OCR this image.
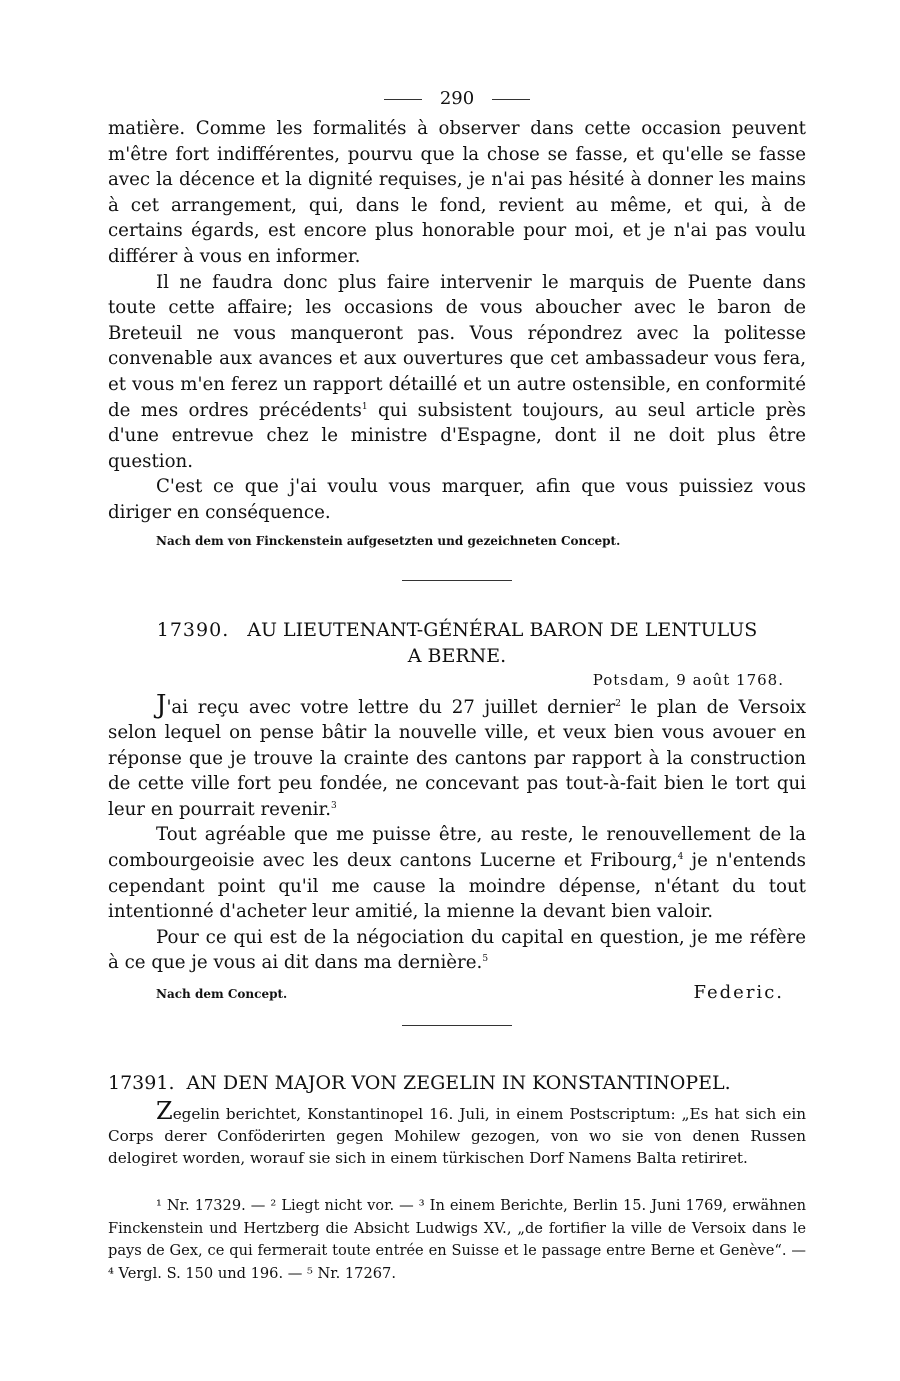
290

matière. Comme les formalités à observer dans cette occasion peuvent m'être fort indifférentes, pourvu que la chose se fasse, et qu'elle se fasse avec la décence et la dignité requises, je n'ai pas hésité à donner les mains à cet arrangement, qui, dans le fond, revient au même, et qui, à de certains égards, est encore plus honorable pour moi, et je n'ai pas voulu différer à vous en informer.

Il ne faudra donc plus faire intervenir le marquis de Puente dans toute cette affaire; les occasions de vous aboucher avec le baron de Breteuil ne vous manqueront pas. Vous répondrez avec la politesse convenable aux avances et aux ouvertures que cet ambassadeur vous fera, et vous m'en ferez un rapport détaillé et un autre ostensible, en conformité de mes ordres précédents$^1$ qui subsistent toujours, au seul article près d'une entrevue chez le ministre d'Espagne, dont il ne doit plus être question.

C'est ce que j'ai voulu vous marquer, afin que vous puissiez vous diriger en conséquence.

Nach dem von Finckenstein aufgesetzten und gezeichneten Concept.

17390. AU LIEUTENANT-GÉNÉRAL BARON DE LENTULUS
A BERNE.
Potsdam, 9 août 1768.

J'ai reçu avec votre lettre du 27 juillet dernier$^2$ le plan de Versoix selon lequel on pense bâtir la nouvelle ville, et veux bien vous avouer en réponse que je trouve la crainte des cantons par rapport à la construction de cette ville fort peu fondée, ne concevant pas tout-à-fait bien le tort qui leur en pourrait revenir.$^3$

Tout agréable que me puisse être, au reste, le renouvellement de la combourgeoisie avec les deux cantons Lucerne et Fribourg,$^4$ je n'entends cependant point qu'il me cause la moindre dépense, n'étant du tout intentionné d'acheter leur amitié, la mienne la devant bien valoir.

Pour ce qui est de la négociation du capital en question, je me réfère à ce que je vous ai dit dans ma dernière.$^5$

Nach dem Concept.	Federic.
17391. AN DEN MAJOR VON ZEGELIN IN KONSTANTINOPEL.

Zegelin berichtet, Konstantinopel 16. Juli, in einem Postscriptum: „Es hat sich ein Corps derer Conföderirten gegen Mohilew gezogen, von wo sie von denen Russen delogiret worden, worauf sie sich in einem türkischen Dorf Namens Balta retiriret.

¹ Nr. 17329. — ² Liegt nicht vor. — ³ In einem Berichte, Berlin 15. Juni 1769, erwähnen Finckenstein und Hertzberg die Absicht Ludwigs XV., „de fortifier la ville de Versoix dans le pays de Gex, ce qui fermerait toute entrée en Suisse et le passage entre Berne et Genève“. — ⁴ Vergl. S. 150 und 196. — ⁵ Nr. 17267.
